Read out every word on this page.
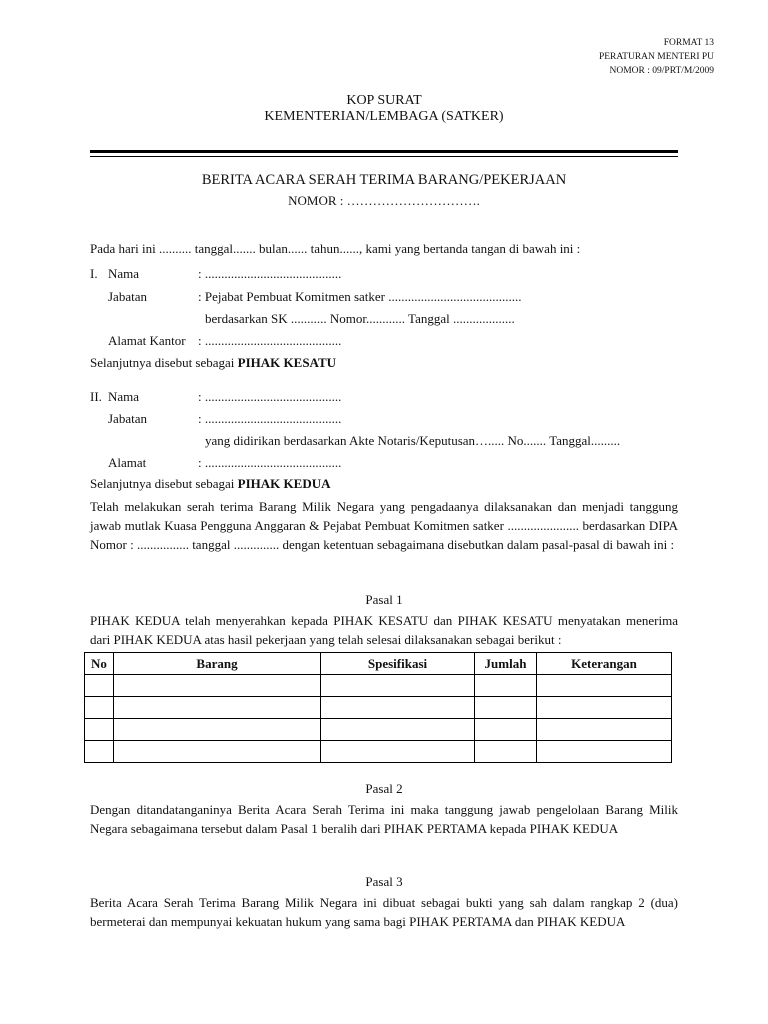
FORMAT 13
PERATURAN MENTERI PU
NOMOR : 09/PRT/M/2009
KOP SURAT
KEMENTERIAN/LEMBAGA (SATKER)
BERITA ACARA SERAH TERIMA BARANG/PEKERJAAN
NOMOR : ………………………….
Pada hari ini .......... tanggal....... bulan...... tahun......, kami yang bertanda tangan di bawah ini :
I. Nama	: ..........................................
Jabatan	: Pejabat Pembuat Komitmen satker .........................................
berdasarkan SK ........... Nomor............ Tanggal ...................
Alamat Kantor : ..........................................
Selanjutnya disebut sebagai PIHAK KESATU
II. Nama	: ..........................................
Jabatan	: ..........................................
yang didirikan berdasarkan Akte Notaris/Keputusan…..... No....... Tanggal.........
Alamat	: ..........................................
Selanjutnya disebut sebagai PIHAK KEDUA
Telah melakukan serah terima Barang Milik Negara yang pengadaanya dilaksanakan dan menjadi tanggung jawab mutlak Kuasa Pengguna Anggaran & Pejabat Pembuat Komitmen satker ...................... berdasarkan DIPA Nomor : ................ tanggal .............. dengan ketentuan sebagaimana disebutkan dalam pasal-pasal di bawah ini :
Pasal 1
PIHAK KEDUA telah menyerahkan kepada PIHAK KESATU dan PIHAK KESATU menyatakan menerima dari PIHAK KEDUA atas hasil pekerjaan yang telah selesai dilaksanakan sebagai berikut :
No	Barang	Spesifikasi	Jumlah	Keterangan

Pasal 2
Dengan ditandatanganinya Berita Acara Serah Terima ini maka tanggung jawab pengelolaan Barang Milik Negara sebagaimana tersebut dalam Pasal 1 beralih dari PIHAK PERTAMA kepada PIHAK KEDUA
Pasal 3
Berita Acara Serah Terima Barang Milik Negara ini dibuat sebagai bukti yang sah dalam rangkap 2 (dua) bermeterai dan mempunyai kekuatan hukum yang sama bagi PIHAK PERTAMA dan PIHAK KEDUA
